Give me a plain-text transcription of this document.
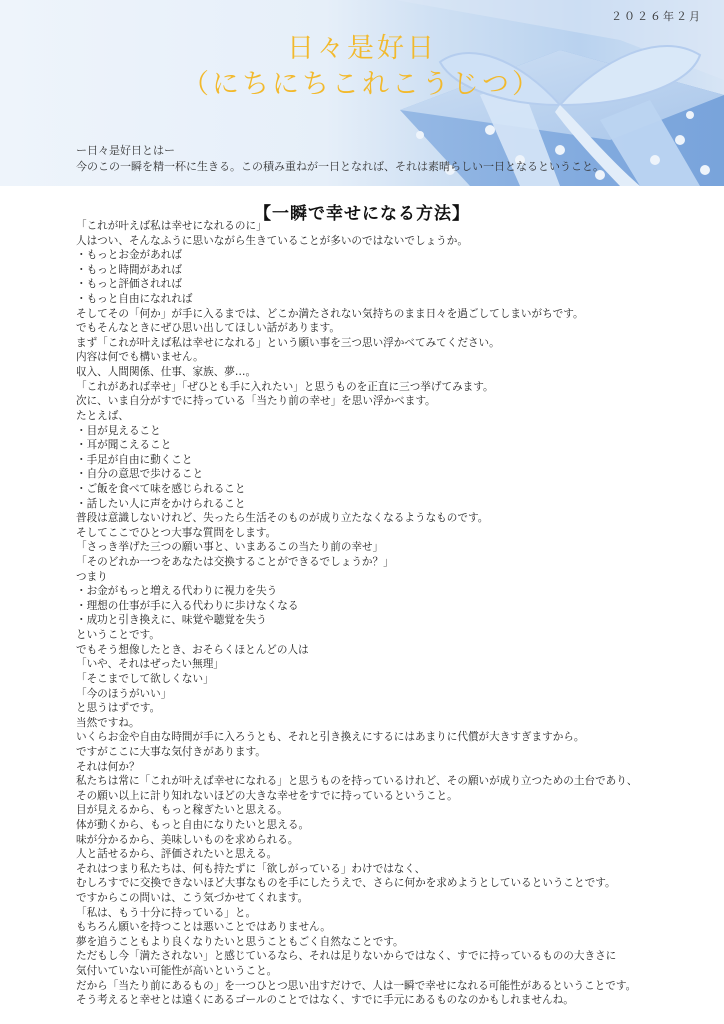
２０２６年２月
日々是好日
（にちにちこれこうじつ）
ー日々是好日とはー
今のこの一瞬を精一杯に生きる。この積み重ねが一日となれば、それは素晴らしい一日となるということ。
【一瞬で幸せになる方法】
「これが叶えば私は幸せになれるのに」
人はつい、そんなふうに思いながら生きていることが多いのではないでしょうか。
・もっとお金があれば
・もっと時間があれば
・もっと評価されれば
・もっと自由になれれば
そしてその「何か」が手に入るまでは、どこか満たされない気持ちのまま日々を過ごしてしまいがちです。
でもそんなときにぜひ思い出してほしい話があります。
まず「これが叶えば私は幸せになれる」という願い事を三つ思い浮かべてみてください。
内容は何でも構いません。
収入、人間関係、仕事、家族、夢…。
「これがあれば幸せ」「ぜひとも手に入れたい」と思うものを正直に三つ挙げてみます。
次に、いま自分がすでに持っている「当たり前の幸せ」を思い浮かべます。
たとえば、
・目が見えること
・耳が聞こえること
・手足が自由に動くこと
・自分の意思で歩けること
・ご飯を食べて味を感じられること
・話したい人に声をかけられること
普段は意識しないけれど、失ったら生活そのものが成り立たなくなるようなものです。
そしてここでひとつ大事な質問をします。
「さっき挙げた三つの願い事と、いまあるこの当たり前の幸せ」
「そのどれか一つをあなたは交換することができるでしょうか？」
つまり
・お金がもっと増える代わりに視力を失う
・理想の仕事が手に入る代わりに歩けなくなる
・成功と引き換えに、味覚や聴覚を失う
ということです。
でもそう想像したとき、おそらくほとんどの人は
「いや、それはぜったい無理」
「そこまでして欲しくない」
「今のほうがいい」
と思うはずです。
当然ですね。
いくらお金や自由な時間が手に入ろうとも、それと引き換えにするにはあまりに代償が大きすぎますから。
ですがここに大事な気付きがあります。
それは何か？
私たちは常に「これが叶えば幸せになれる」と思うものを持っているけれど、その願いが成り立つための土台であり、
その願い以上に計り知れないほどの大きな幸せをすでに持っているということ。
目が見えるから、もっと稼ぎたいと思える。
体が動くから、もっと自由になりたいと思える。
味が分かるから、美味しいものを求められる。
人と話せるから、評価されたいと思える。
それはつまり私たちは、何も持たずに「欲しがっている」わけではなく、
むしろすでに交換できないほど大事なものを手にしたうえで、さらに何かを求めようとしているということです。
ですからこの問いは、こう気づかせてくれます。
「私は、もう十分に持っている」と。
もちろん願いを持つことは悪いことではありません。
夢を追うこともより良くなりたいと思うこともごく自然なことです。
ただもし今「満たされない」と感じているなら、それは足りないからではなく、すでに持っているものの大きさに
気付いていない可能性が高いということ。
だから「当たり前にあるもの」を一つひとつ思い出すだけで、人は一瞬で幸せになれる可能性があるということです。
そう考えると幸せとは遠くにあるゴールのことではなく、すでに手元にあるものなのかもしれませんね。
